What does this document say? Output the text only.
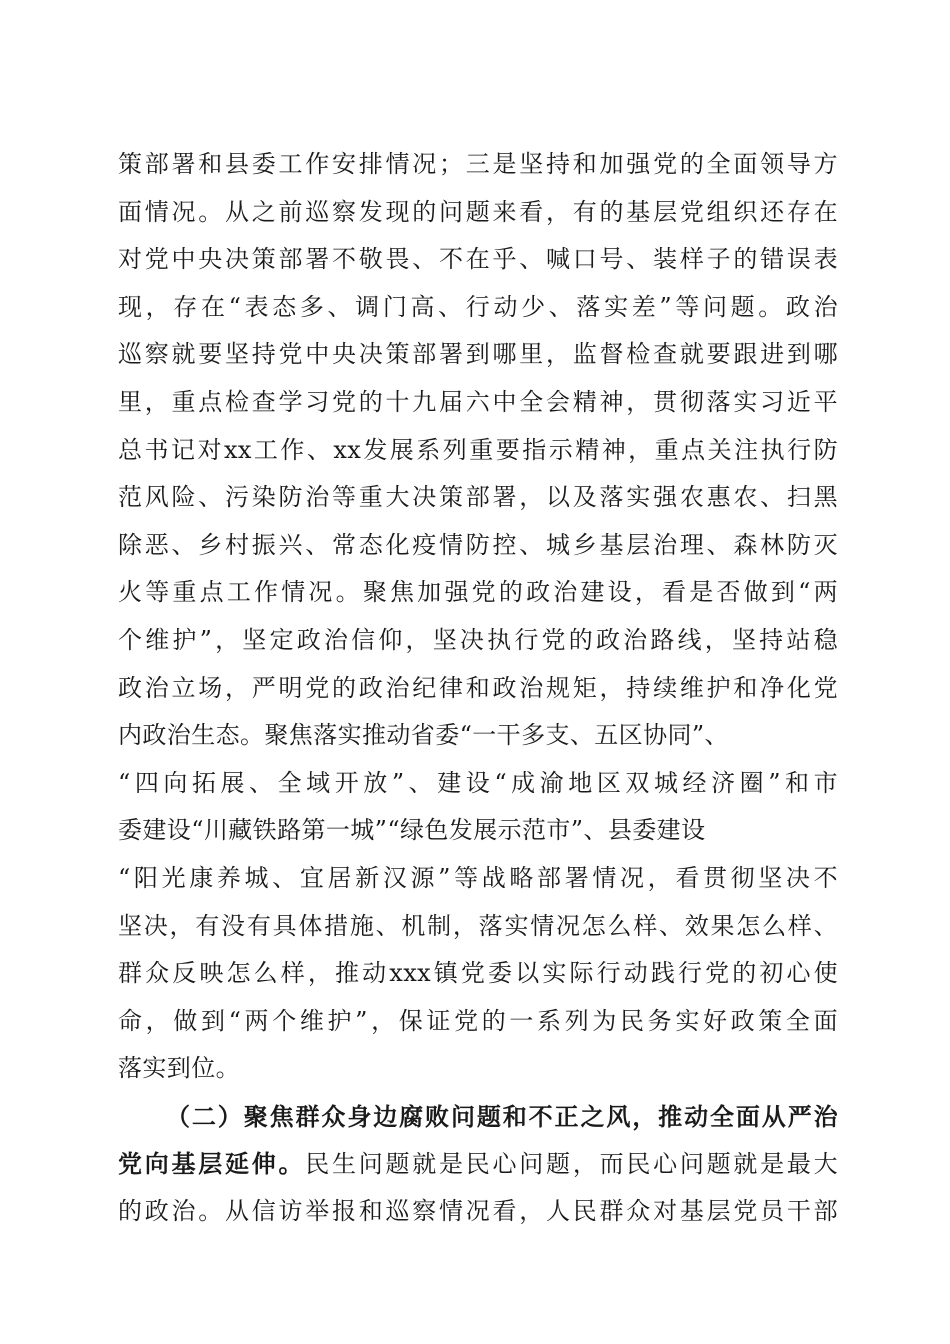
策部署和县委工作安排情况；三是坚持和加强党的全面领导方
面情况。从之前巡察发现的问题来看，有的基层党组织还存在
对党中央决策部署不敬畏、不在乎、喊口号、装样子的错误表
现，存在“表态多、调门高、行动少、落实差”等问题。政治
巡察就要坚持党中央决策部署到哪里，监督检查就要跟进到哪
里，重点检查学习党的十九届六中全会精神，贯彻落实习近平
总书记对xx工作、xx发展系列重要指示精神，重点关注执行防
范风险、污染防治等重大决策部署，以及落实强农惠农、扫黑
除恶、乡村振兴、常态化疫情防控、城乡基层治理、森林防灭
火等重点工作情况。聚焦加强党的政治建设，看是否做到“两
个维护”，坚定政治信仰，坚决执行党的政治路线，坚持站稳
政治立场，严明党的政治纪律和政治规矩，持续维护和净化党
内政治生态。聚焦落实推动省委“一干多支、五区协同”、
“四向拓展、全域开放”、建设“成渝地区双城经济圈”和市
委建设“川藏铁路第一城”“绿色发展示范市”、县委建设
“阳光康养城、宜居新汉源”等战略部署情况，看贯彻坚决不
坚决，有没有具体措施、机制，落实情况怎么样、效果怎么样、
群众反映怎么样，推动xxx镇党委以实际行动践行党的初心使
命，做到“两个维护”，保证党的一系列为民务实好政策全面
落实到位。
（二）聚焦群众身边腐败问题和不正之风，推动全面从严治
党向基层延伸。民生问题就是民心问题，而民心问题就是最大
的政治。从信访举报和巡察情况看，人民群众对基层党员干部
